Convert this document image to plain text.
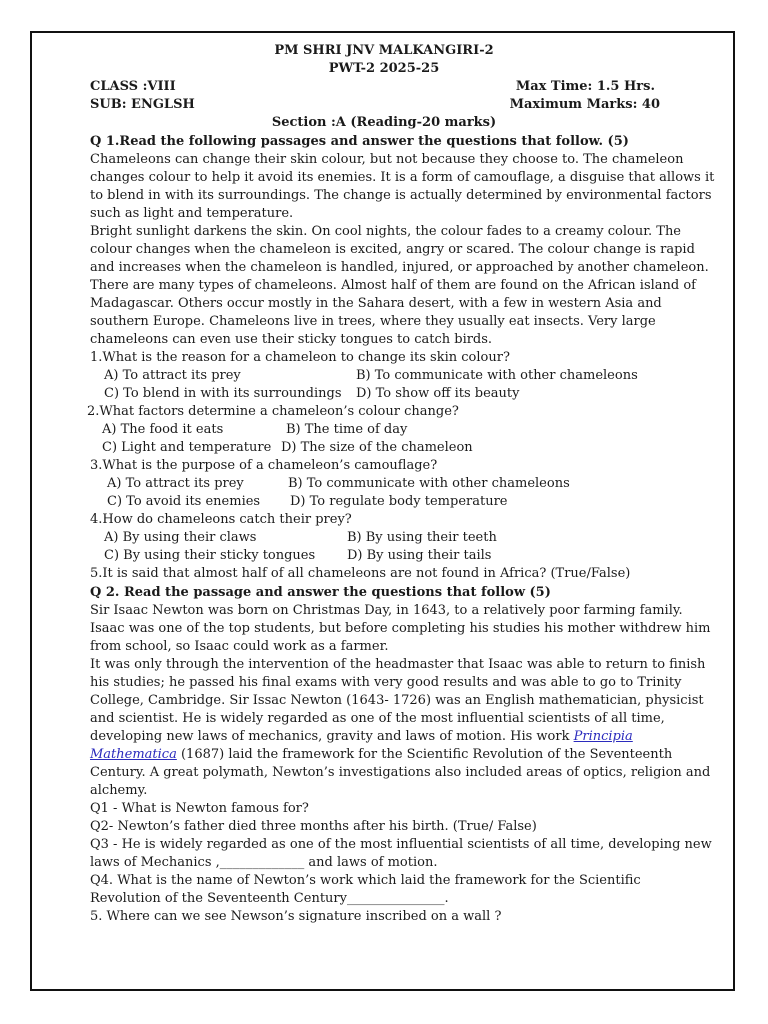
PM SHRI JNV MALKANGIRI-2
PWT-2 2025-25
CLASS :VIII	Max Time: 1.5 Hrs.
SUB: ENGLSH	Maximum Marks: 40
Section :A (Reading-20 marks)
Q 1.Read the following passages and answer the questions that follow. (5)
Chameleons can change their skin colour, but not because they choose to. The chameleon
changes colour to help it avoid its enemies. It is a form of camouflage, a disguise that allows it
to blend in with its surroundings. The change is actually determined by environmental factors
such as light and temperature.
Bright sunlight darkens the skin. On cool nights, the colour fades to a creamy colour. The
colour changes when the chameleon is excited, angry or scared. The colour change is rapid
and increases when the chameleon is handled, injured, or approached by another chameleon.
There are many types of chameleons. Almost half of them are found on the African island of
Madagascar. Others occur mostly in the Sahara desert, with a few in western Asia and
southern Europe. Chameleons live in trees, where they usually eat insects. Very large
chameleons can even use their sticky tongues to catch birds.
1.What is the reason for a chameleon to change its skin colour?
A) To attract its prey	B) To communicate with other chameleons
C) To blend in with its surroundings D) To show off its beauty
2.What factors determine a chameleon’s colour change?
A) The food it eats	B) The time of day
C) Light and temperature D) The size of the chameleon
3.What is the purpose of a chameleon’s camouflage?
A) To attract its prey	B) To communicate with other chameleons
C) To avoid its enemies D) To regulate body temperature
4.How do chameleons catch their prey?
A) By using their claws	B) By using their teeth
C) By using their sticky tongues D) By using their tails
5.It is said that almost half of all chameleons are not found in Africa? (True/False)
Q 2. Read the passage and answer the questions that follow (5)
Sir Isaac Newton was born on Christmas Day, in 1643, to a relatively poor farming family.
Isaac was one of the top students, but before completing his studies his mother withdrew him
from school, so Isaac could work as a farmer.
It was only through the intervention of the headmaster that Isaac was able to return to finish
his studies; he passed his final exams with very good results and was able to go to Trinity
College, Cambridge. Sir Issac Newton (1643- 1726) was an English mathematician, physicist
and scientist. He is widely regarded as one of the most influential scientists of all time,
developing new laws of mechanics, gravity and laws of motion. His work Principia
Mathematica (1687) laid the framework for the Scientific Revolution of the Seventeenth
Century. A great polymath, Newton’s investigations also included areas of optics, religion and
alchemy.
Q1 - What is Newton famous for?
Q2- Newton’s father died three months after his birth. (True/ False)
Q3 - He is widely regarded as one of the most influential scientists of all time, developing new
laws of Mechanics ,_____________ and laws of motion.
Q4. What is the name of Newton’s work which laid the framework for the Scientific
Revolution of the Seventeenth Century_______________.
5. Where can we see Newson’s signature inscribed on a wall ?
